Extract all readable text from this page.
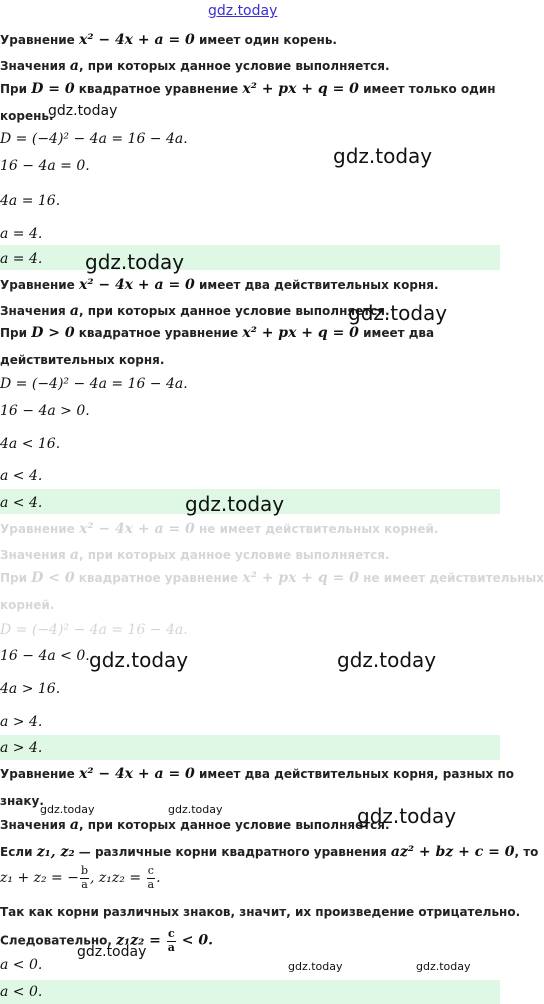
Уравнение x² − 4x + a = 0 имеет один корень.
Значения a, при которых данное условие выполняется.
При D = 0 квадратное уравнение x² + px + q = 0 имеет только один
корень.
D = (−4)² − 4a = 16 − 4a.
16 − 4a = 0.
4a = 16.
a = 4.
a = 4.
Уравнение x² − 4x + a = 0 имеет два действительных корня.
Значения a, при которых данное условие выполняется.
При D > 0 квадратное уравнение x² + px + q = 0 имеет два
действительных корня.
D = (−4)² − 4a = 16 − 4a.
16 − 4a > 0.
4a < 16.
a < 4.
a < 4.
Уравнение x² − 4x + a = 0 не имеет действительных корней.
Значения a, при которых данное условие выполняется.
При D < 0 квадратное уравнение x² + px + q = 0 не имеет действительных
корней.
D = (−4)² − 4a = 16 − 4a.
16 − 4a < 0.
4a > 16.
a > 4.
a > 4.
Уравнение x² − 4x + a = 0 имеет два действительных корня, разных по
знаку.
Значения a, при которых данное условие выполняется.
Если z₁, z₂ — различные корни квадратного уравнения az² + bz + c = 0, то
z₁ + z₂ = − $\frac{b}{a}$ , $z_1z_2 = \frac{c}{a}$ .
Так как корни различных знаков, значит, их произведение отрицательно.
Следовательно, $z_1z_2 = \frac{c}{a} < 0$.
a < 0.
a < 0.
gdz.today
gdz.today
gdz.today
gdz.today
gdz.today
gdz.today
gdz.today	gdz.today
gdz.today	gdz.today	gdz.today
gdz.today
gdz.today	gdz.today
